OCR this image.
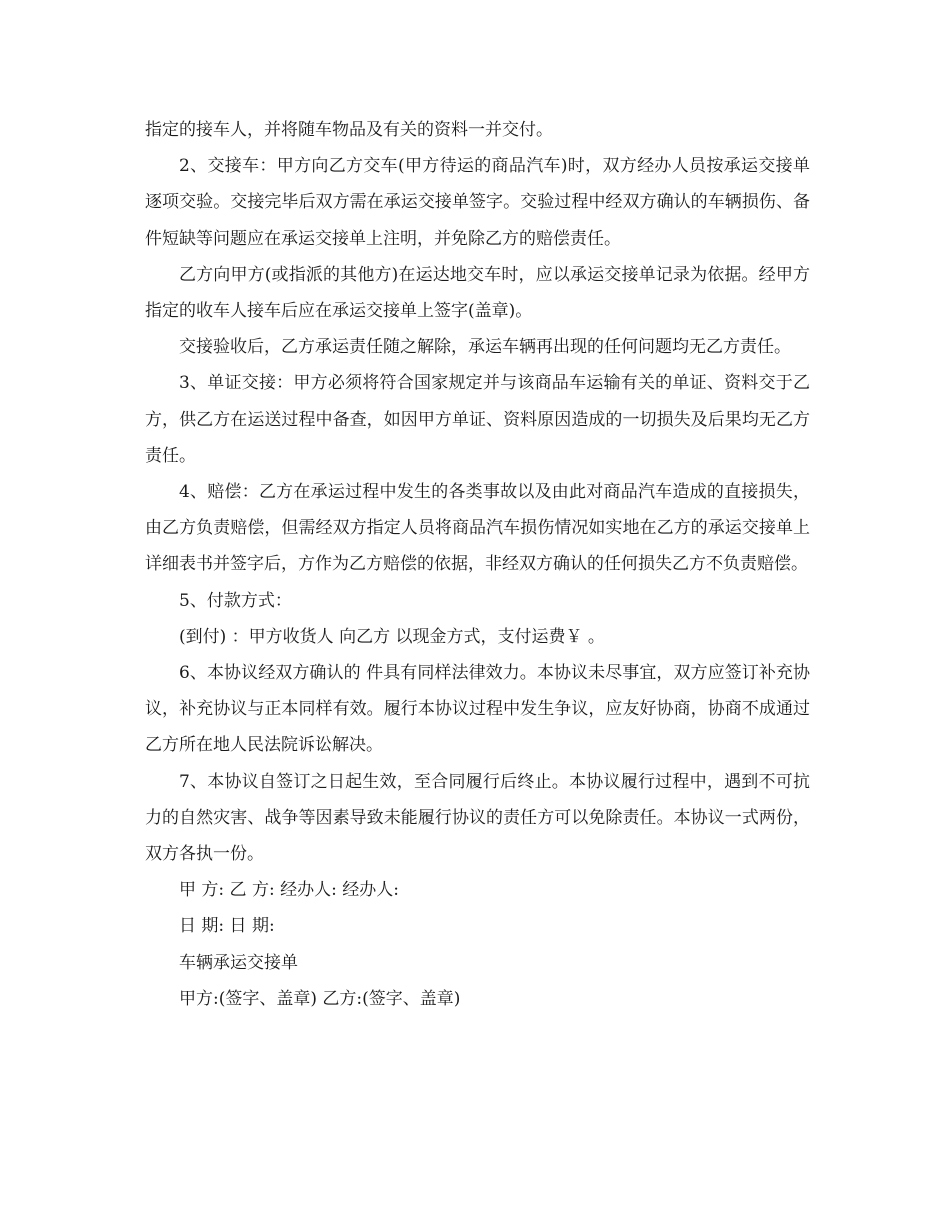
指定的接车人，并将随车物品及有关的资料一并交付。

2、交接车：甲方向乙方交车(甲方待运的商品汽车)时，双方经办人员按承运交接单逐项交验。交接完毕后双方需在承运交接单签字。交验过程中经双方确认的车辆损伤、备件短缺等问题应在承运交接单上注明，并免除乙方的赔偿责任。

乙方向甲方(或指派的其他方)在运达地交车时，应以承运交接单记录为依据。经甲方指定的收车人接车后应在承运交接单上签字(盖章)。

交接验收后，乙方承运责任随之解除，承运车辆再出现的任何问题均无乙方责任。

3、单证交接：甲方必须将符合国家规定并与该商品车运输有关的单证、资料交于乙方，供乙方在运送过程中备查，如因甲方单证、资料原因造成的一切损失及后果均无乙方责任。

4、赔偿：乙方在承运过程中发生的各类事故以及由此对商品汽车造成的直接损失，由乙方负责赔偿，但需经双方指定人员将商品汽车损伤情况如实地在乙方的承运交接单上详细表书并签字后，方作为乙方赔偿的依据，非经双方确认的任何损失乙方不负责赔偿。

5、付款方式：

(到付) ：甲方收货人 向乙方 以现金方式，支付运费￥ 。

6、本协议经双方确认的 件具有同样法律效力。本协议未尽事宜，双方应签订补充协议，补充协议与正本同样有效。履行本协议过程中发生争议，应友好协商，协商不成通过乙方所在地人民法院诉讼解决。

7、本协议自签订之日起生效，至合同履行后终止。本协议履行过程中，遇到不可抗力的自然灾害、战争等因素导致未能履行协议的责任方可以免除责任。本协议一式两份，双方各执一份。

甲 方: 乙 方: 经办人: 经办人:

日 期: 日 期:

车辆承运交接单

甲方:(签字、盖章) 乙方:(签字、盖章)
